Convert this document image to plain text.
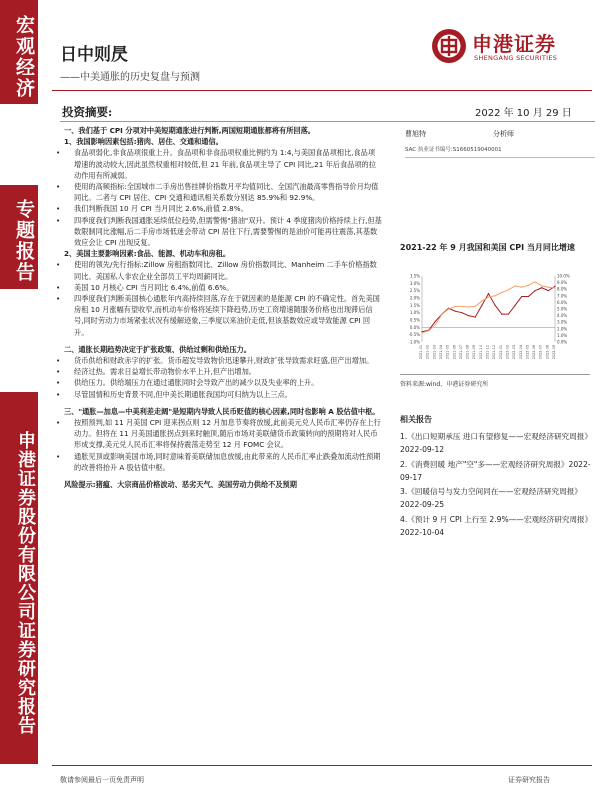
宏观经济
专题报告
申港证券股份有限公司证券研究报告
日中则昃
——中美通胀的历史复盘与预测
申港证券
SHENGANG SECURITIES
投资摘要:	2022 年 10 月 29 日

一、我们基于 CPI 分项对中美短期通胀进行判断,两国短期通胀都将有所回落。

1、我国影响因素包括:猪肉、居住、交通和通信。

• 食品项弱化,非食品项很重上升。食品项和非食品项权重比例约为 1:4,与美国食品项相比,食品项增速的波动较大,因此虽然权重相对较低,但 21 年前,食品项主导了 CPI 同比,21 年后食品项的拉动作用有所减弱。

• 使用的高频指标:全国城市二手房出售挂牌价指数月平均值同比、全国汽油最高零售指导价月均值同比。二者与 CPI 居住、CPI 交通和通讯相关系数分别达 85.9%和 92.9%。

• 我们判断我国 10 月 CPI 当月同比 2.6%,前值 2.8%。

• 四季度我们判断我国通胀延续低位趋势,但需警惕"猪油"双升。预计 4 季度猪肉价格持续上行,但基数限制同比涨幅,后二手房市场低迷会带动 CPI 居住下行,需要警惕的是油价可能再往震荡,其基数效应会让 CPI 出现反复。

2、美国主要影响因素:食品、能源、机动车和房租。

• 使用的领先/先行指标:Zillow 房租指数同比、Zillow 房价指数同比、Manheim 二手车价格指数同比、美国私人非农企业全部员工平均周薪同比。

• 美国 10 月核心 CPI 当月同比 6.4%,前值 6.6%。

• 四季度我们判断美国核心通胀年内高持续回落,存在于就因素的是能源 CPI 的不确定性。首先美国房租 10 月涨幅有望收窄,而机动车价格将延续下降趋势,历史工资增速随服务价格也出现滞后信号,同时劳动力市场紧张状况有缓解迹象,三季度以来油价走低,但该基数效应或导致能源 CPI 回升。

二、通胀长期趋势决定于扩张政策、供给过剩和供给压力。

• 货币供给和财政赤字的扩张。货币超发导致物价迅速攀升,财政扩张导致需求旺盛,但产出增加。

• 经济过热。需求日益增长带动物价水平上升,但产出增加。

• 供给压力。供给端压力在通过通胀同时会导致产出的减少以及失业率的上升。

• 尽管国情和历史背景不同,但中美长期通胀我国均可归纳为以上三点。

三、"通胀—加息—中美利差走阔"是短期内导致人民币贬值的核心因素,同时也影响 A 股估值中枢。

• 按照预判,如 11 月美国 CPI 迎来拐点则 12 月加息节奏将放缓,此前美元兑人民币汇率仍存在上行动力。但将在 11 月美国通胀拐点到来时触顶,随后市场对美联储货币政策转向的预期将对人民币形成支撑,美元兑人民币汇率将保持震荡走势至 12 月 FOMC 会议。

• 通胀见顶或影响美国市场,同时意味着美联储加息放缓,由此带来的人民币汇率止跌叠加流动性预期的改善将抬升 A 股估值中枢。

风险提示:猪瘟、大宗商品价格波动、恶劣天气、美国劳动力供给不及预期

曹旭特	分析师
SAC 执业证书编号:S1660519040001
2021-22 年 9 月我国和美国 CPI 当月同比增速
3.5%
3.0%
2.5%
2.0%
1.5%
1.0%
0.5%
0.0%
-0.5%
-1.0%
10.0%
9.0%
8.0%
7.0%
6.0%
5.0%
4.0%
3.0%
2.0%
1.0%
0.0%
2021-01 2021-02 2021-03 2021-04 2021-05 2021-06 2021-07 2021-08 2021-09 2021-10 2021-11 2021-12 2022-01 2022-02 2022-03 2022-04 2022-05 2022-06 2022-07 2022-08 2022-09
资料来源:wind、申港证券研究所
相关报告
1.《出口短期承压 进口有望修复——宏观经济研究周报》2022-09-12
2.《消费回暖 地产"空"多——宏观经济研究周报》2022-09-17
3.《回暖信号与发力空间同在——宏观经济研究周报》2022-09-25
4.《预计 9 月 CPI 上行至 2.9%——宏观经济研究周报》2022-10-04
敬请参阅最后一页免责声明	证券研究报告
